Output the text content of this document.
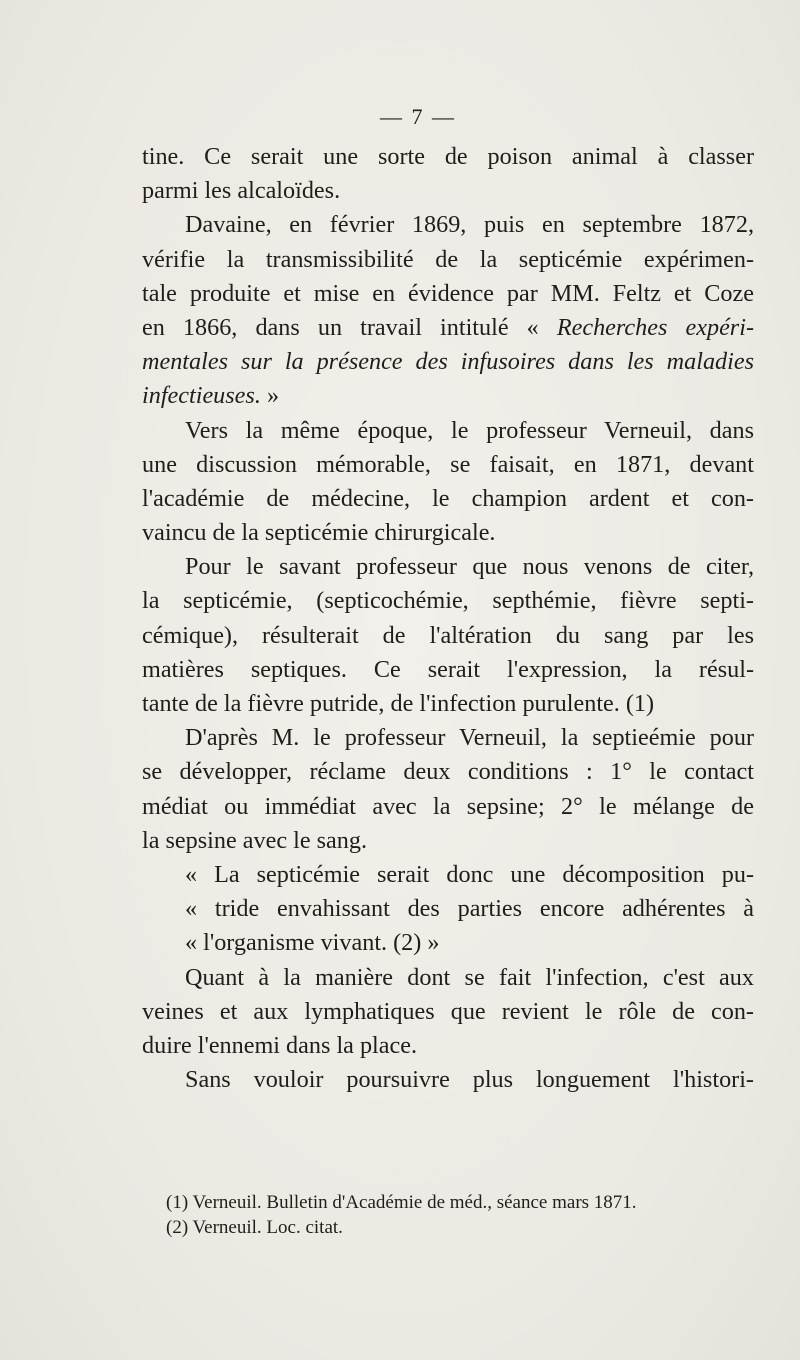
— 7 —
tine. Ce serait une sorte de poison animal à classer
parmi les alcaloïdes.
Davaine, en février 1869, puis en septembre 1872,
vérifie la transmissibilité de la septicémie expérimen-
tale produite et mise en évidence par MM. Feltz et Coze
en 1866, dans un travail intitulé « Recherches expéri-
mentales sur la présence des infusoires dans les maladies
infectieuses. »
Vers la même époque, le professeur Verneuil, dans
une discussion mémorable, se faisait, en 1871, devant
l'académie de médecine, le champion ardent et con-
vaincu de la septicémie chirurgicale.
Pour le savant professeur que nous venons de citer,
la septicémie, (septicochémie, septhémie, fièvre septi-
cémique), résulterait de l'altération du sang par les
matières septiques. Ce serait l'expression, la résul-
tante de la fièvre putride, de l'infection purulente. (1)
D'après M. le professeur Verneuil, la septieémie pour
se développer, réclame deux conditions : 1° le contact
médiat ou immédiat avec la sepsine; 2° le mélange de
la sepsine avec le sang.
« La septicémie serait donc une décomposition pu-
« tride envahissant des parties encore adhérentes à
« l'organisme vivant. (2) »
Quant à la manière dont se fait l'infection, c'est aux
veines et aux lymphatiques que revient le rôle de con-
duire l'ennemi dans la place.
Sans vouloir poursuivre plus longuement l'histori-
(1) Verneuil. Bulletin d'Académie de méd., séance mars 1871.
(2) Verneuil. Loc. citat.
